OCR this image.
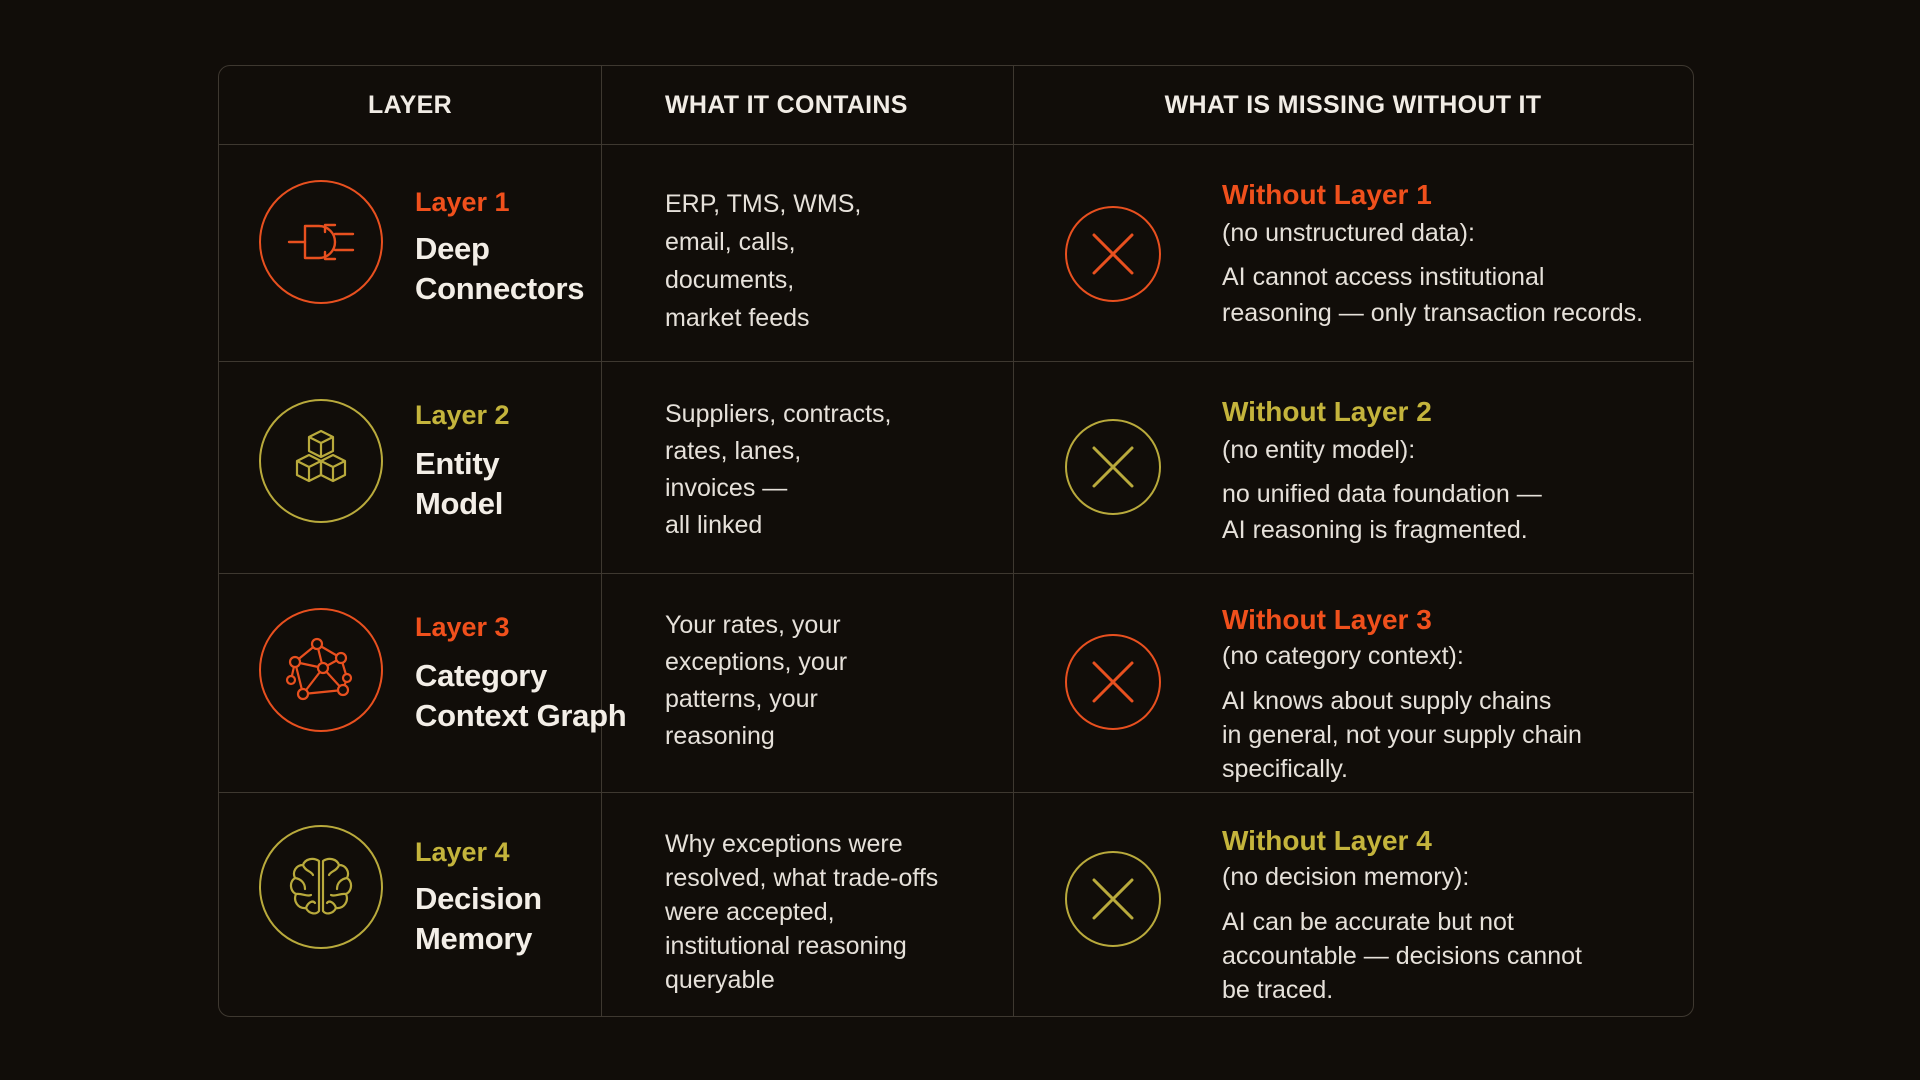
LAYER	WHAT IT CONTAINS	WHAT IS MISSING WITHOUT IT
Layer 1
Deep
Connectors
ERP, TMS, WMS,
email, calls,
documents,
market feeds
Without Layer 1
(no unstructured data):
AI cannot access institutional
reasoning — only transaction records.
Layer 2
Entity
Model
Suppliers, contracts,
rates, lanes,
invoices —
all linked
Without Layer 2
(no entity model):
no unified data foundation —
AI reasoning is fragmented.
Layer 3
Category
Context Graph
Your rates, your
exceptions, your
patterns, your
reasoning
Without Layer 3
(no category context):
AI knows about supply chains
in general, not your supply chain
specifically.
Layer 4
Decision
Memory
Why exceptions were
resolved, what trade-offs
were accepted,
institutional reasoning
queryable
Without Layer 4
(no decision memory):
AI can be accurate but not
accountable — decisions cannot
be traced.
